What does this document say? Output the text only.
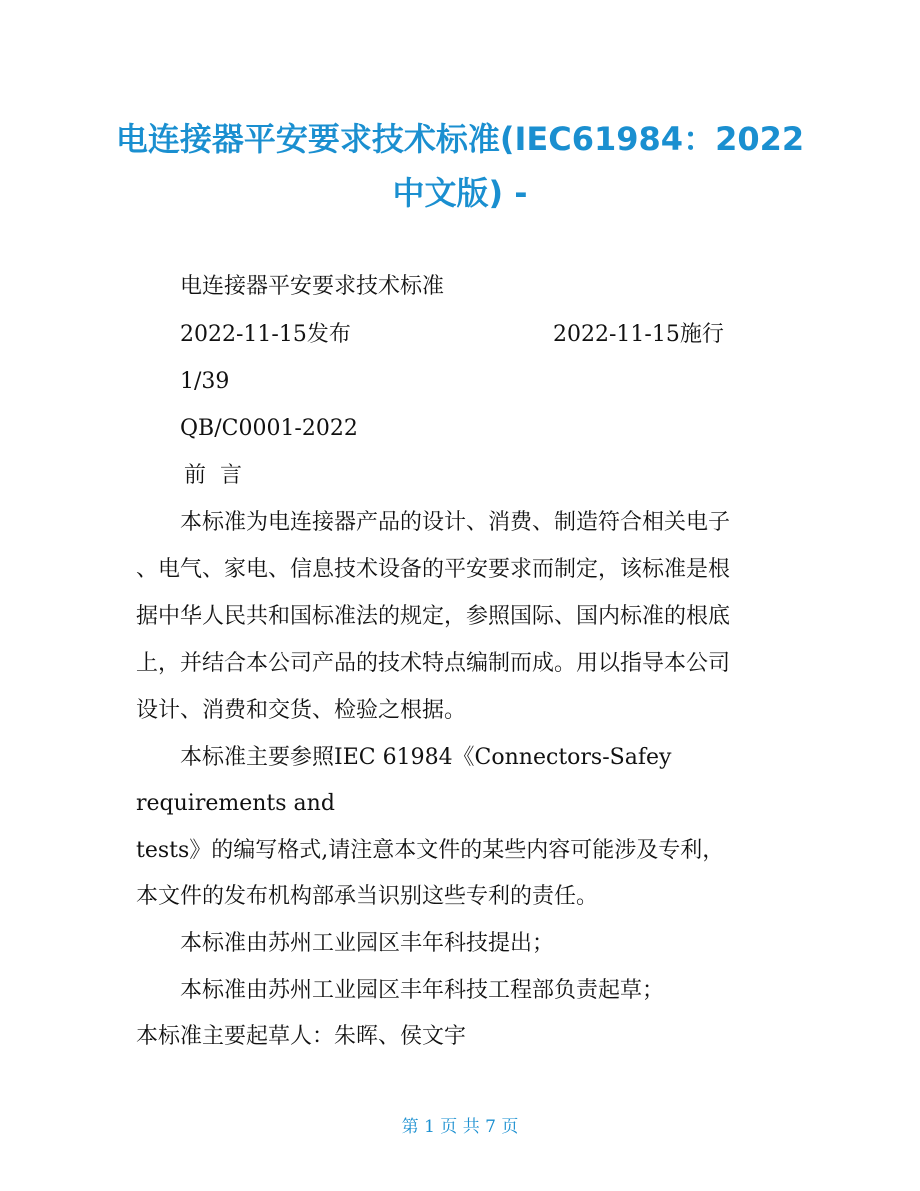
电连接器平安要求技术标准(IEC61984：2022
中文版) -
电连接器平安要求技术标准
2022-11-15发布	2022-11-15施行
1/39
QB/C0001-2022
前  言
本标准为电连接器产品的设计、消费、制造符合相关电子
、电气、家电、信息技术设备的平安要求而制定，该标准是根
据中华人民共和国标准法的规定，参照国际、国内标准的根底
上，并结合本公司产品的技术特点编制而成。用以指导本公司
设计、消费和交货、检验之根据。
本标准主要参照IEC 61984《Connectors-Safey
requirements and
tests》的编写格式,请注意本文件的某些内容可能涉及专利，
本文件的发布机构部承当识别这些专利的责任。
本标准由苏州工业园区丰年科技提出；
本标准由苏州工业园区丰年科技工程部负责起草；
本标准主要起草人：朱晖、侯文宇
第 1 页 共 7 页
